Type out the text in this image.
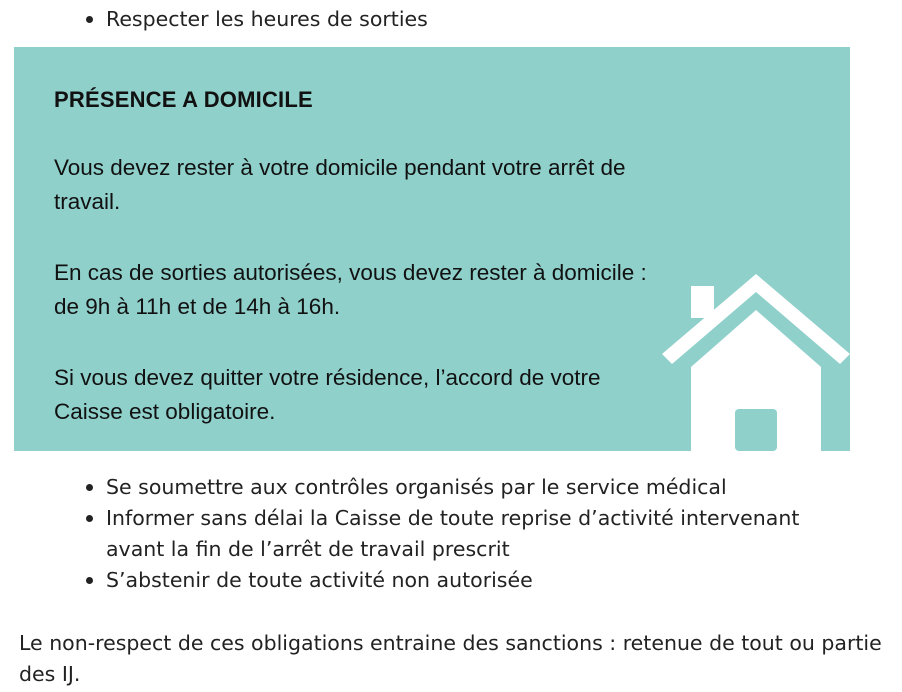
Respecter les heures de sorties
PRÉSENCE A DOMICILE

Vous devez rester à votre domicile pendant votre arrêt de travail.

En cas de sorties autorisées, vous devez rester à domicile : de 9h à 11h et de 14h à 16h.

Si vous devez quitter votre résidence, l’accord de votre Caisse est obligatoire.

Se soumettre aux contrôles organisés par le service médical
Informer sans délai la Caisse de toute reprise d’activité intervenant avant la fin de l’arrêt de travail prescrit
S’abstenir de toute activité non autorisée

Le non-respect de ces obligations entraine des sanctions : retenue de tout ou partie des IJ.
